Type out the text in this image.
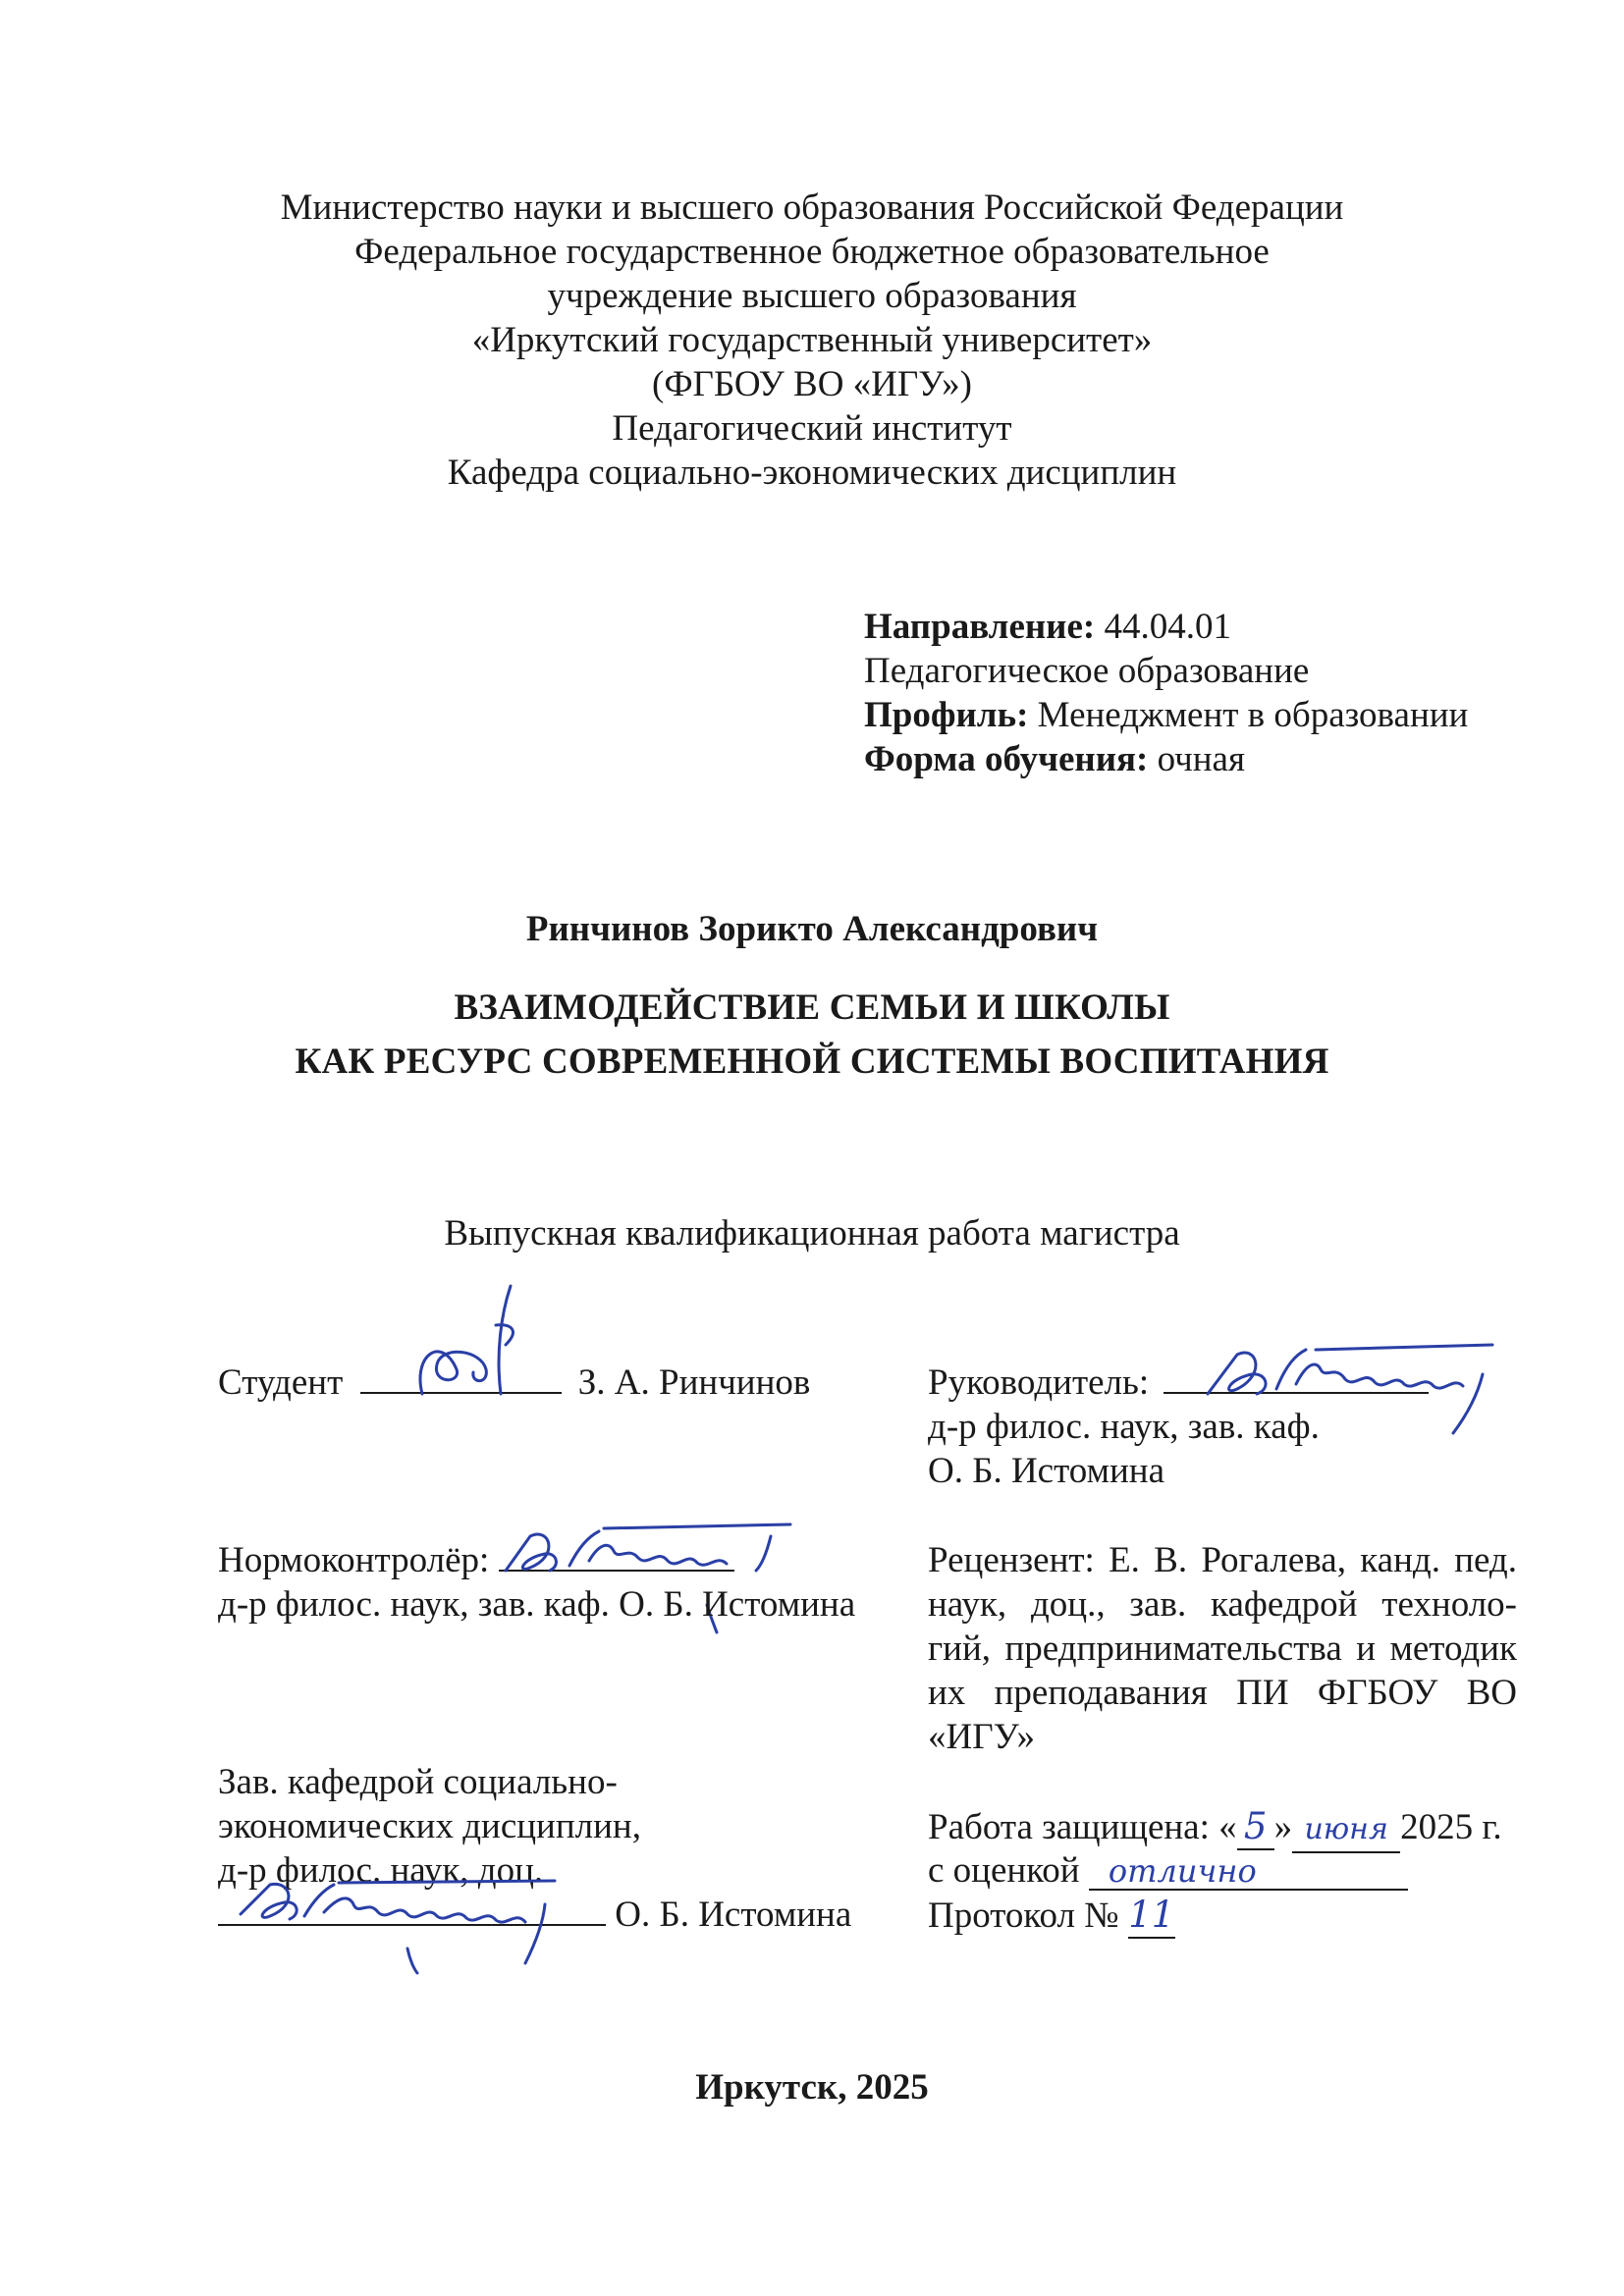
Министерство науки и высшего образования Российской Федерации
Федеральное государственное бюджетное образовательное
учреждение высшего образования
«Иркутский государственный университет»
(ФГБОУ ВО «ИГУ»)
Педагогический институт
Кафедра социально-экономических дисциплин
Направление: 44.04.01
Педагогическое образование
Профиль: Менеджмент в образовании
Форма обучения: очная
Ринчинов Зорикто Александрович
ВЗАИМОДЕЙСТВИЕ СЕМЬИ И ШКОЛЫ
КАК РЕСУРС СОВРЕМЕННОЙ СИСТЕМЫ ВОСПИТАНИЯ
Выпускная квалификационная работа магистра
Студент	З. А. Ринчинов	Руководитель:
д-р филос. наук, зав. каф.
О. Б. Истомина
Нормоконтролёр:
д-р филос. наук, зав. каф. О. Б. Истомина
Рецензент: Е. В. Рогалева, канд. пед.
наук, доц., зав. кафедрой техноло-
гий, предпринимательства и методик
их преподавания ПИ ФГБОУ ВО
«ИГУ»
Зав. кафедрой социально-
экономических дисциплин,
д-р филос. наук, доц.
О. Б. Истомина
Работа защищена: « 5 » июня 2025 г.
с оценкой отлично
Протокол № 11
Иркутск, 2025
